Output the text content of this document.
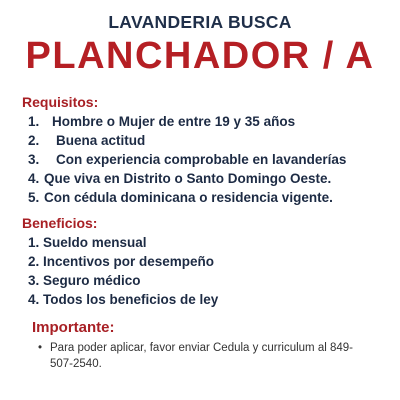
LAVANDERIA BUSCA
PLANCHADOR / A
Requisitos:
1. Hombre o Mujer de entre 19 y 35 años
2.	Buena actitud
3.	Con experiencia comprobable en lavanderías
4. Que viva en Distrito o Santo Domingo Oeste.
5. Con cédula dominicana o residencia vigente.
Beneficios:
1. Sueldo mensual
2. Incentivos por desempeño
3. Seguro médico
4. Todos los beneficios de ley
Importante:
• Para poder aplicar, favor enviar Cedula y curriculum al 849-507-2540.
